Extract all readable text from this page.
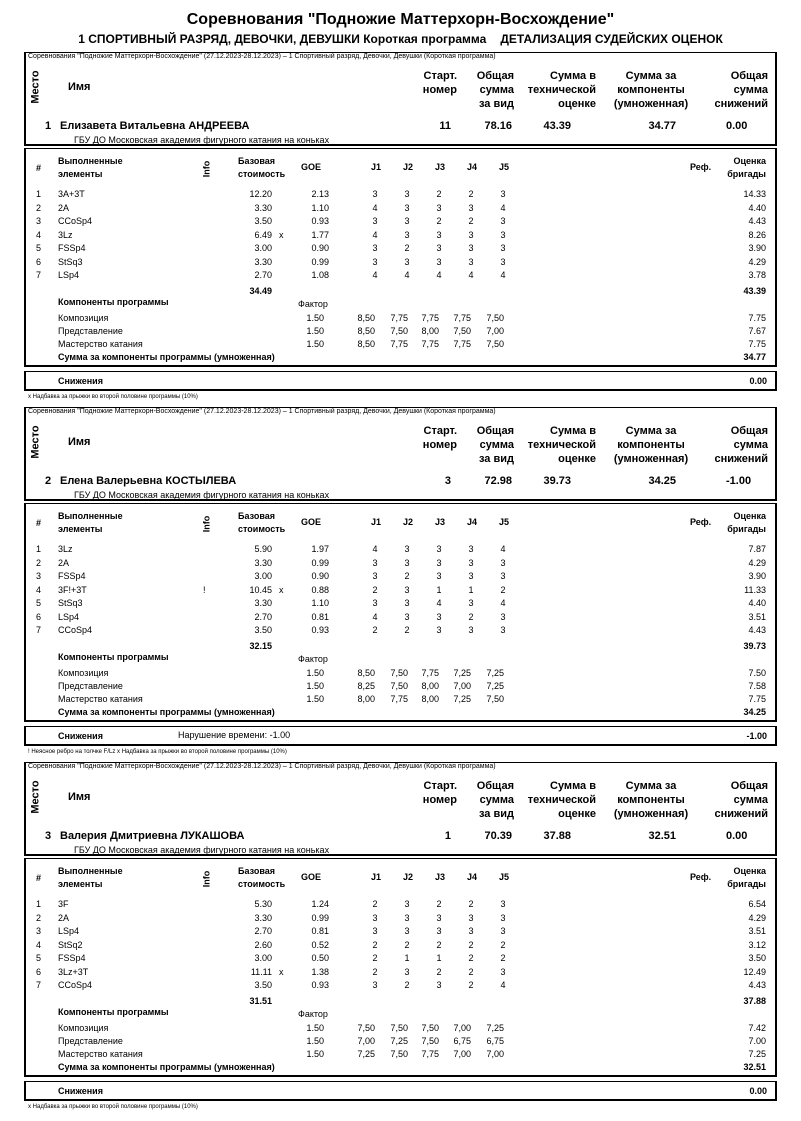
Соревнования "Подножие Маттерхорн-Восхождение"
1 СПОРТИВНЫЙ РАЗРЯД, ДЕВОЧКИ, ДЕВУШКИ Короткая программа ДЕТАЛИЗАЦИЯ СУДЕЙСКИХ ОЦЕНОК
Соревнования "Подножие Маттерхорн-Восхождение" (27.12.2023-28.12.2023) – 1 Спортивный разряд, Девочки, Девушки (Короткая программа)
Место Имя
Старт.
номер
Общая
сумма
за вид
Сумма в
технической
оценке
Сумма за
компоненты
(умноженная)
Общая
сумма
снижений
1 Елизавета Витальевна АНДРЕЕВА
ГБУ ДО Московская академия фигурного катания на коньках
11	78.16	43.39	34.77	0.00
#
Выполненные
элементы	Info	Базовая
стоимость
GOE	J1 J2 J3 J4 J5	Реф.
Оценка
бригады
1 3A+3T	12.20	2.13	14.33
3	3	2	2	3
2 2A	3.30	1.10	4.40
4	3	3	3	4
3 CCoSp4	3.50	0.93	4.43
3	3	2	2	3
4 3Lz	6.49 x	1.77	8.26
4	3	3	3	3
5 FSSp4	3.00	0.90	3.90
3	2	3	3	3
6 StSq3	3.30	0.99	4.29
3	3	3	3	3
7 LSp4	2.70	1.08	3.78
4	4	4	4	4
34.49	43.39
Компоненты программы	Фактор
Композиция	1.50	7.75
8,50	7,75	7,75	7,75	7,50
Представление	1.50	7.67
8,50	7,50	8,00	7,50	7,00
Мастерство катания	1.50	7.75
8,50	7,75	7,75	7,75	7,50
Сумма за компоненты программы (умноженная)	34.77
Снижения	0.00
x Надбавка за прыжки во второй половине программы (10%)
Соревнования "Подножие Маттерхорн-Восхождение" (27.12.2023-28.12.2023) – 1 Спортивный разряд, Девочки, Девушки (Короткая программа)
Место Имя
Старт.
номер
Общая
сумма
за вид
Сумма в
технической
оценке
Сумма за
компоненты
(умноженная)
Общая
сумма
снижений
2 Елена Валерьевна КОСТЫЛЕВА
ГБУ ДО Московская академия фигурного катания на коньках
3	72.98	39.73	34.25	-1.00
#
Выполненные
элементы	Info	Базовая
стоимость
GOE	J1 J2 J3 J4 J5	Реф.
Оценка
бригады
1 3Lz	5.90	1.97	7.87
4	3	3	3	4
2 2A	3.30	0.99	4.29
3	3	3	3	3
3 FSSp4	3.00	0.90	3.90
3	2	3	3	3
4 3F!+3T	!	10.45 x	0.88	11.33
2	3	1	1	2
5 StSq3	3.30	1.10	4.40
3	3	4	3	4
6 LSp4	2.70	0.81	3.51
4	3	3	2	3
7 CCoSp4	3.50	0.93	4.43
2	2	3	3	3
32.15	39.73
Компоненты программы	Фактор
Композиция	1.50	7.50
8,50	7,50	7,75	7,25	7,25
Представление	1.50	7.58
8,25	7,50	8,00	7,00	7,25
Мастерство катания	1.50	7.75
8,00	7,75	8,00	7,25	7,50
Сумма за компоненты программы (умноженная)	34.25
Снижения	Нарушение времени: -1.00	-1.00
! Неясное ребро на толчке F/Lz x Надбавка за прыжки во второй половине программы (10%)
Соревнования "Подножие Маттерхорн-Восхождение" (27.12.2023-28.12.2023) – 1 Спортивный разряд, Девочки, Девушки (Короткая программа)
Место Имя
Старт.
номер
Общая
сумма
за вид
Сумма в
технической
оценке
Сумма за
компоненты
(умноженная)
Общая
сумма
снижений
3 Валерия Дмитриевна ЛУКАШОВА
ГБУ ДО Московская академия фигурного катания на коньках
1	70.39	37.88	32.51	0.00
#
Выполненные
элементы	Info	Базовая
стоимость
GOE	J1 J2 J3 J4 J5	Реф.
Оценка
бригады
1 3F	5.30	1.24	6.54
2	3	2	2	3
2 2A	3.30	0.99	4.29
3	3	3	3	3
3 LSp4	2.70	0.81	3.51
3	3	3	3	3
4 StSq2	2.60	0.52	3.12
2	2	2	2	2
5 FSSp4	3.00	0.50	3.50
2	1	1	2	2
6 3Lz+3T	11.11 x	1.38	12.49
2	3	2	2	3
7 CCoSp4	3.50	0.93	4.43
3	2	3	2	4
31.51	37.88
Компоненты программы	Фактор
Композиция	1.50	7.42
7,50	7,50	7,50	7,00	7,25
Представление	1.50	7.00
7,00	7,25	7,50	6,75	6,75
Мастерство катания	1.50	7.25
7,25	7,50	7,75	7,00	7,00
Сумма за компоненты программы (умноженная)	32.51
Снижения	0.00
x Надбавка за прыжки во второй половине программы (10%)
